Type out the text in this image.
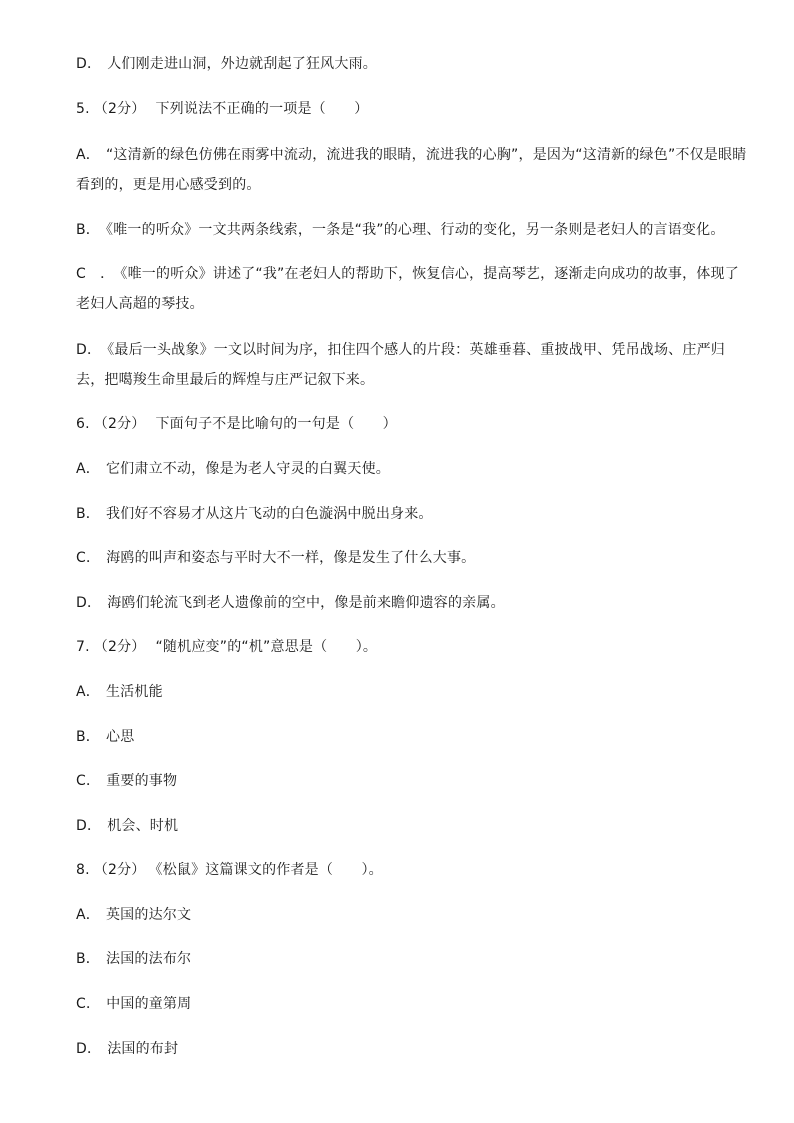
D． 人们刚走进山洞，外边就刮起了狂风大雨。
5. （2分） 下列说法不正确的一项是（　　）
A． “这清新的绿色仿佛在雨雾中流动，流进我的眼睛，流进我的心胸”，是因为“这清新的绿色”不仅是眼睛看到的，更是用心感受到的。
B． 《唯一的听众》一文共两条线索，一条是“我”的心理、行动的变化，另一条则是老妇人的言语变化。
C　． 《唯一的听众》讲述了“我”在老妇人的帮助下，恢复信心，提高琴艺，逐渐走向成功的故事，体现了老妇人高超的琴技。
D． 《最后一头战象》一文以时间为序，扣住四个感人的片段：英雄垂暮、重披战甲、凭吊战场、庄严归去，把噶羧生命里最后的辉煌与庄严记叙下来。
6. （2分） 下面句子不是比喻句的一句是（　　）
A． 它们肃立不动，像是为老人守灵的白翼天使。
B． 我们好不容易才从这片飞动的白色漩涡中脱出身来。
C． 海鸥的叫声和姿态与平时大不一样，像是发生了什么大事。
D． 海鸥们轮流飞到老人遗像前的空中，像是前来瞻仰遗容的亲属。
7. （2分） “随机应变”的“机”意思是（　　）。
A． 生活机能
B． 心思
C． 重要的事物
D． 机会、时机
8. （2分） 《松鼠》这篇课文的作者是（　　）。
A． 英国的达尔文
B． 法国的法布尔
C． 中国的童第周
D． 法国的布封
